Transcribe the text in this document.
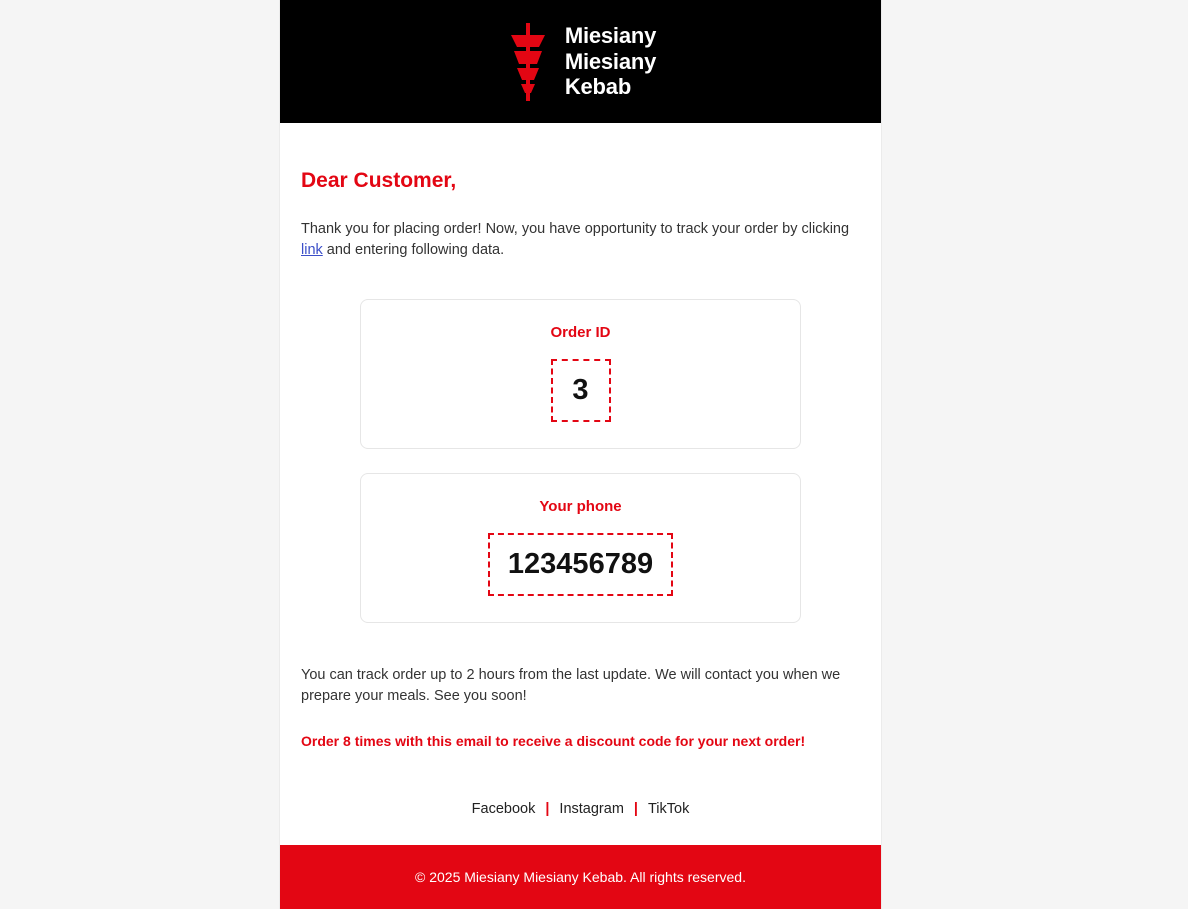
Miesiany
Miesiany
Kebab
Dear Customer,

Thank you for placing order! Now, you have opportunity to track your order by clicking link and entering following data.

Order ID
3
Your phone
123456789

You can track order up to 2 hours from the last update. We will contact you when we prepare your meals. See you soon!

Order 8 times with this email to receive a discount code for your next order!

Facebook | Instagram | TikTok
© 2025 Miesiany Miesiany Kebab. All rights reserved.
